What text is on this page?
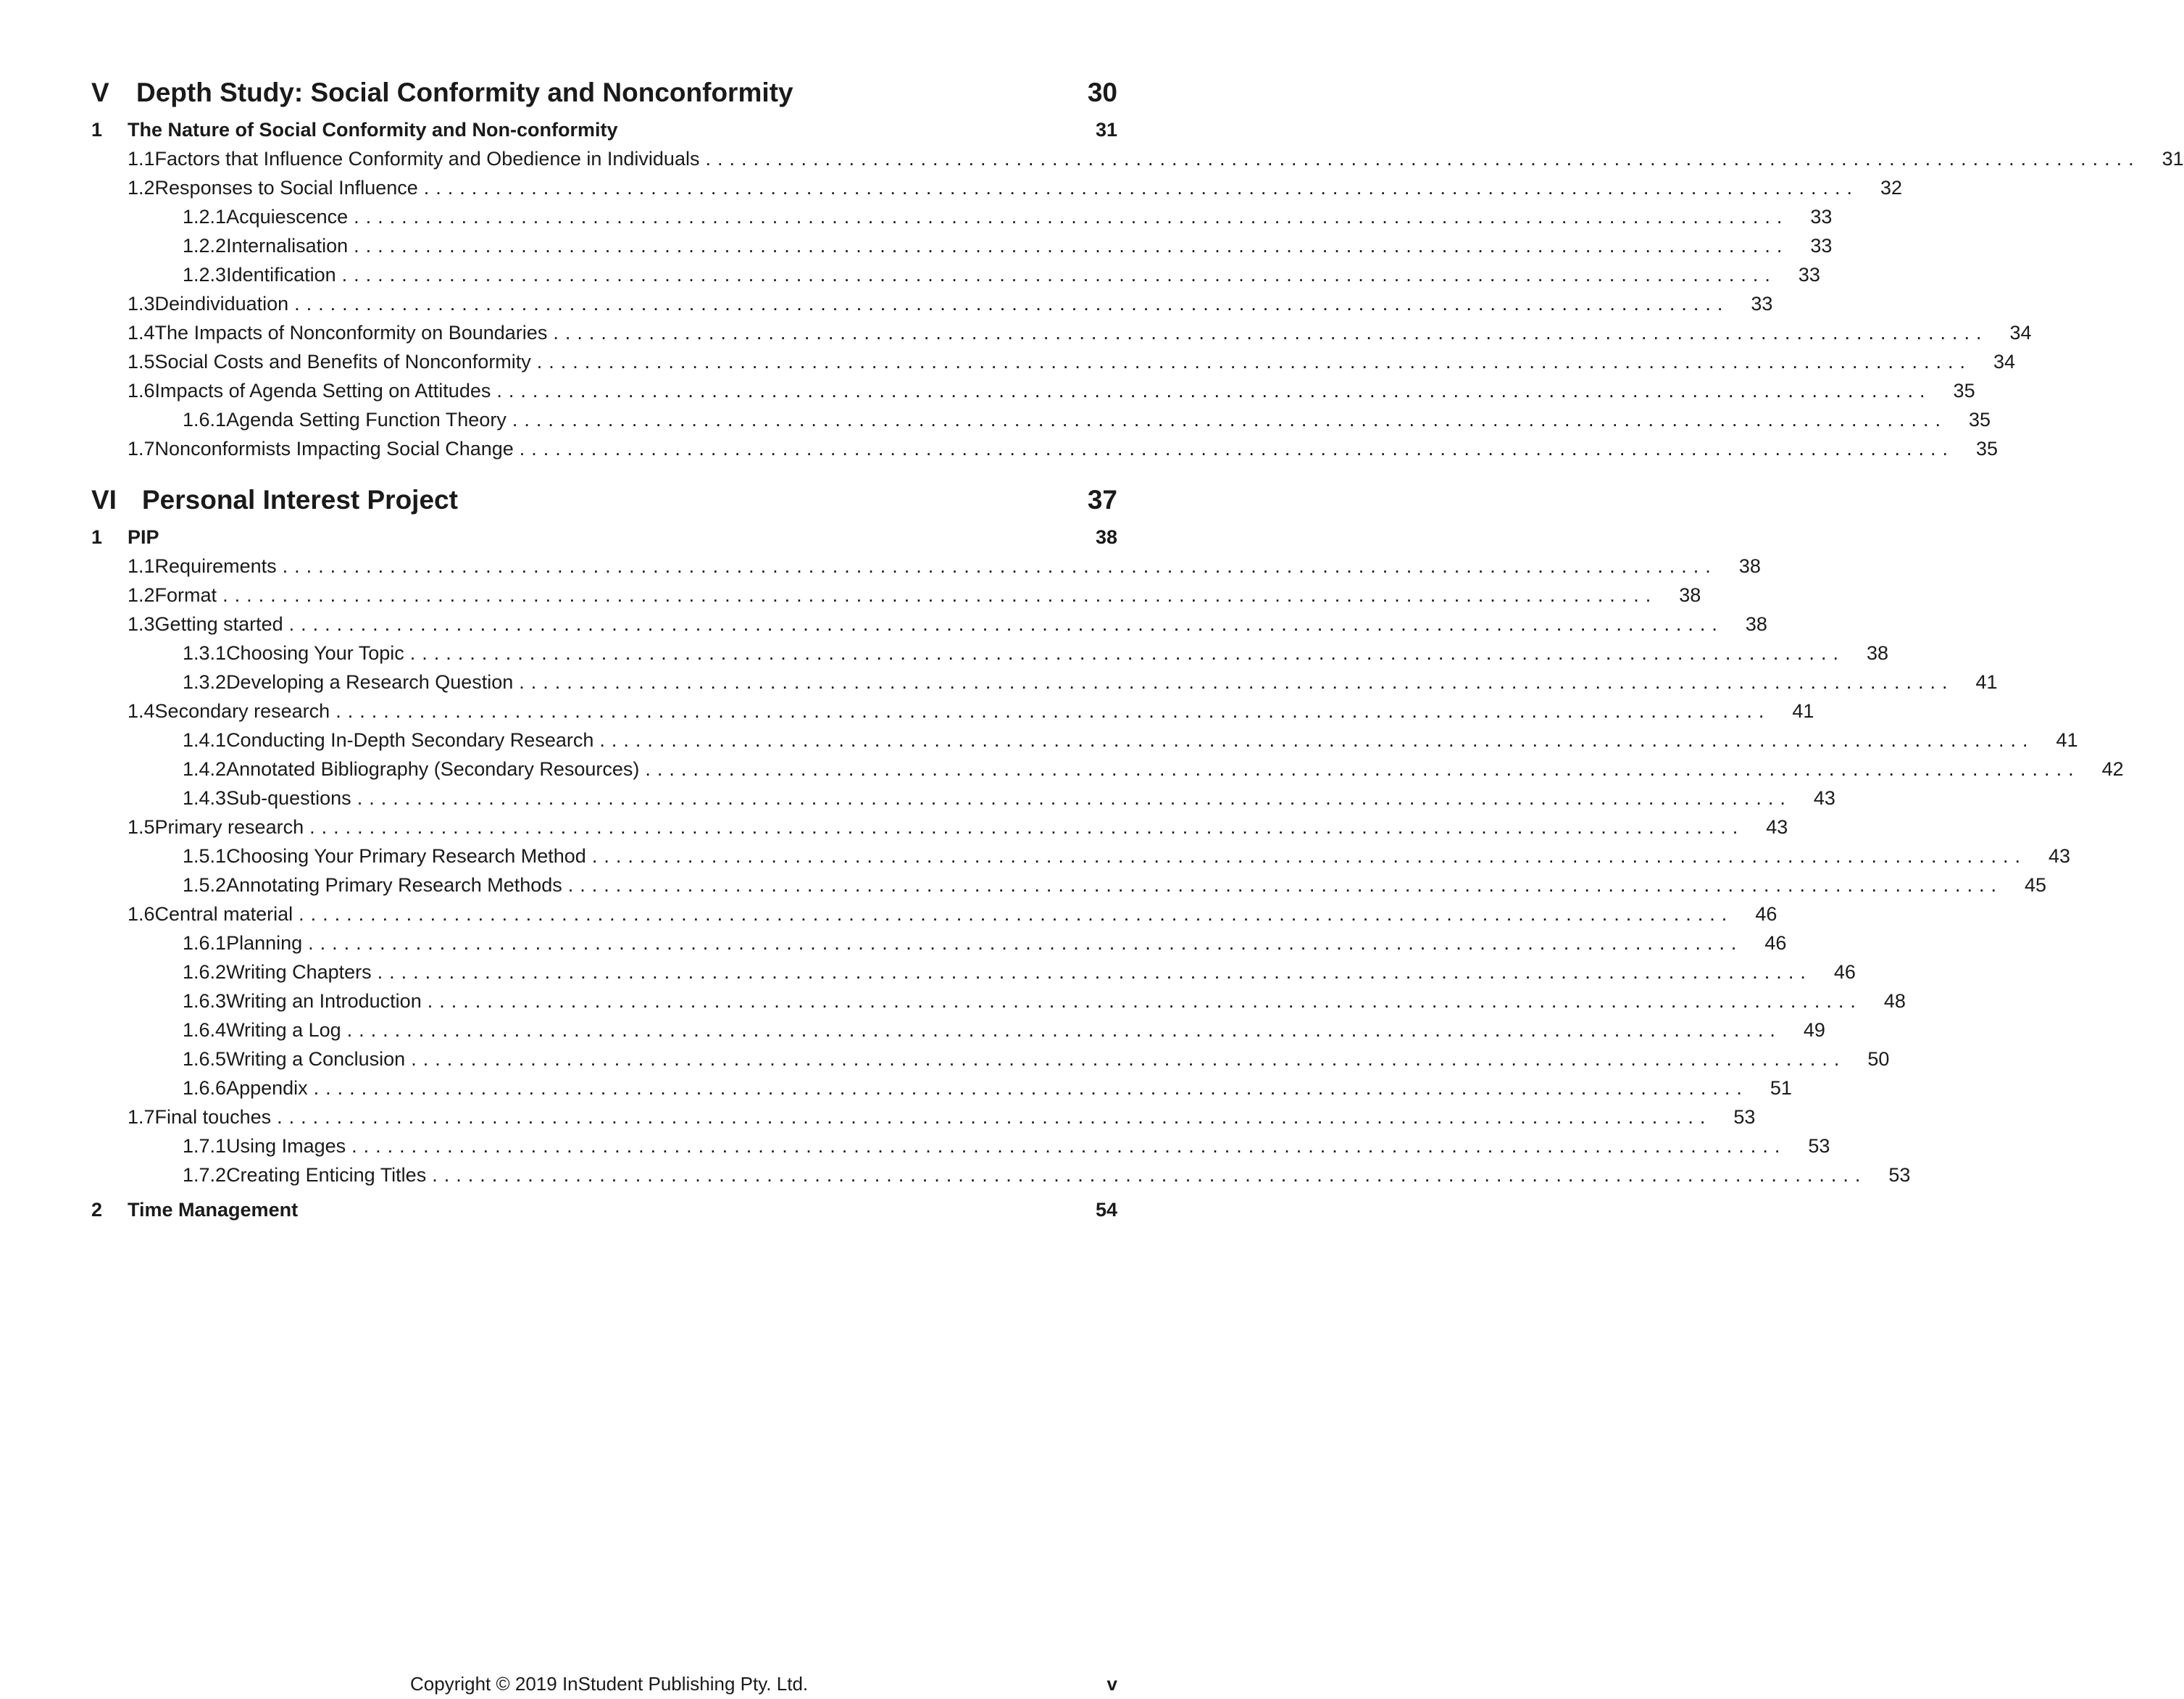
V	Depth Study: Social Conformity and Nonconformity	30
1	The Nature of Social Conformity and Non-conformity	31
1.1 Factors that Influence Conformity and Obedience in Individuals ........................................................................................................................ 31
1.2 Responses to Social Influence ........................................................................................................................ 32
1.2.1 Acquiescence ........................................................................................................................ 33
1.2.2 Internalisation ........................................................................................................................ 33
1.2.3 Identification ........................................................................................................................ 33
1.3 Deindividuation ........................................................................................................................ 33
1.4 The Impacts of Nonconformity on Boundaries ........................................................................................................................ 34
1.5 Social Costs and Benefits of Nonconformity ........................................................................................................................ 34
1.6 Impacts of Agenda Setting on Attitudes ........................................................................................................................ 35
1.6.1 Agenda Setting Function Theory ........................................................................................................................ 35
1.7 Nonconformists Impacting Social Change ........................................................................................................................ 35
VI Personal Interest Project	37
1	PIP	38
1.1 Requirements ........................................................................................................................ 38
1.2 Format ........................................................................................................................ 38
1.3 Getting started ........................................................................................................................ 38
1.3.1 Choosing Your Topic ........................................................................................................................ 38
1.3.2 Developing a Research Question ........................................................................................................................ 41
1.4 Secondary research ........................................................................................................................ 41
1.4.1 Conducting In-Depth Secondary Research ........................................................................................................................ 41
1.4.2 Annotated Bibliography (Secondary Resources) ........................................................................................................................ 42
1.4.3 Sub-questions ........................................................................................................................ 43
1.5 Primary research ........................................................................................................................ 43
1.5.1 Choosing Your Primary Research Method ........................................................................................................................ 43
1.5.2 Annotating Primary Research Methods ........................................................................................................................ 45
1.6 Central material ........................................................................................................................ 46
1.6.1 Planning ........................................................................................................................ 46
1.6.2 Writing Chapters ........................................................................................................................ 46
1.6.3 Writing an Introduction ........................................................................................................................ 48
1.6.4 Writing a Log ........................................................................................................................ 49
1.6.5 Writing a Conclusion ........................................................................................................................ 50
1.6.6 Appendix ........................................................................................................................ 51
1.7 Final touches ........................................................................................................................ 53
1.7.1 Using Images ........................................................................................................................ 53
1.7.2 Creating Enticing Titles ........................................................................................................................ 53
2	Time Management	54
Copyright © 2019 InStudent Publishing Pty. Ltd.	v
